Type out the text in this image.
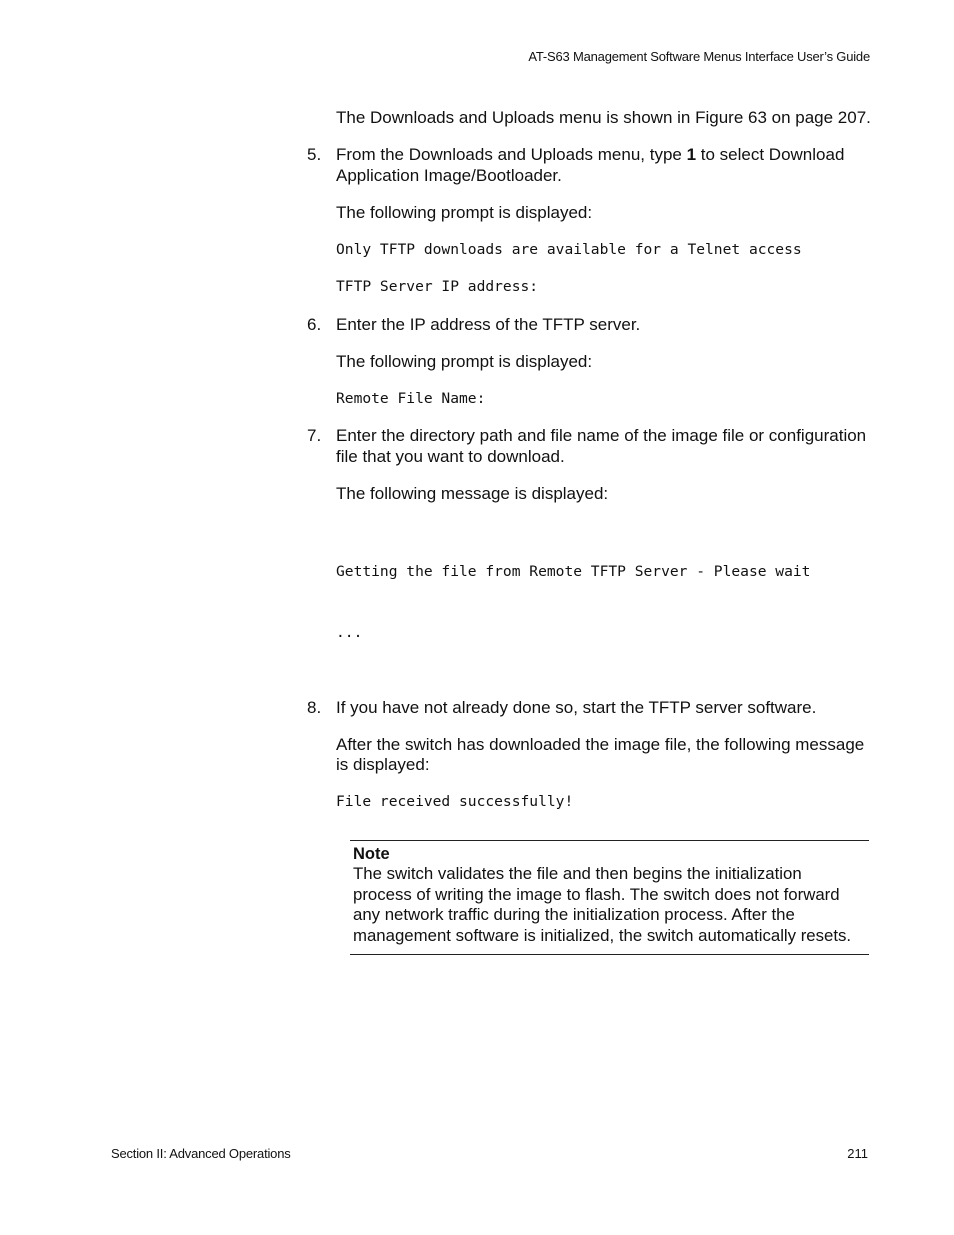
AT-S63 Management Software Menus Interface User’s Guide

The Downloads and Uploads menu is shown in Figure 63 on page 207.

5. From the Downloads and Uploads menu, type 1 to select Download Application Image/Bootloader.

The following prompt is displayed:

Only TFTP downloads are available for a Telnet access
TFTP Server IP address:
6. Enter the IP address of the TFTP server.

The following prompt is displayed:

Remote File Name:
7. Enter the directory path and file name of the image file or configuration file that you want to download.

The following message is displayed:

Getting the file from Remote TFTP Server - Please wait

...

8. If you have not already done so, start the TFTP server software.

After the switch has downloaded the image file, the following message is displayed:

File received successfully!
Note
The switch validates the file and then begins the initialization process of writing the image to flash. The switch does not forward any network traffic during the initialization process. After the management software is initialized, the switch automatically resets.
Section II: Advanced Operations	211
